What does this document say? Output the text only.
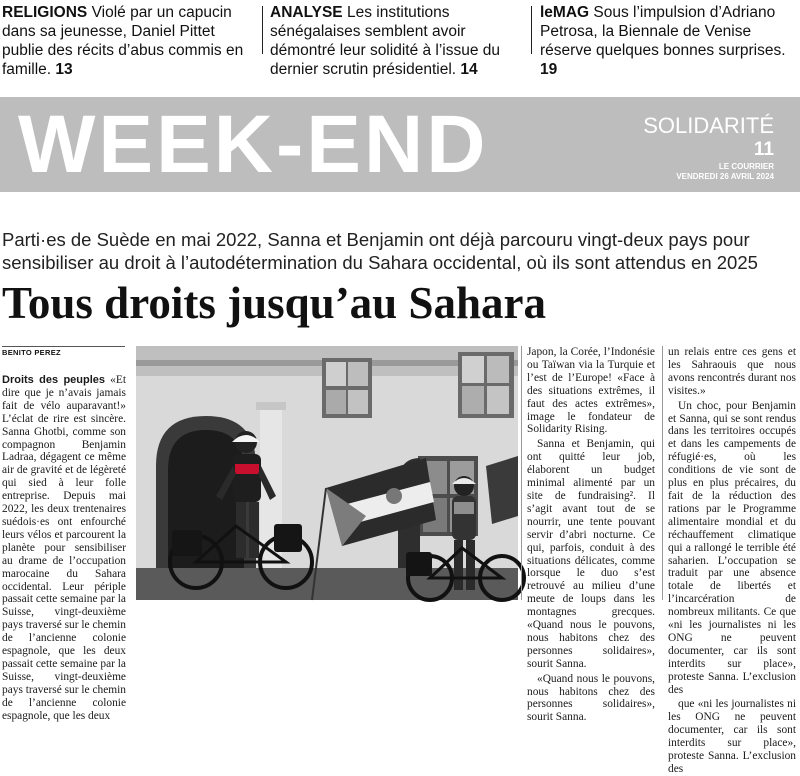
RELIGIONS Violé par un capucin dans sa jeunesse, Daniel Pittet publie des récits d’abus commis en famille. 13
ANALYSE Les institutions sénégalaises semblent avoir démontré leur solidité à l’issue du dernier scrutin présidentiel. 14
leMAG Sous l’impulsion d’Adriano Petrosa, la Biennale de Venise réserve quelques bonnes surprises. 19
WEEK-END	SOLIDARITÉ
11
LE COURRIER
VENDREDI 26 AVRIL 2024
Parti·es de Suède en mai 2022, Sanna et Benjamin ont déjà parcouru vingt-deux pays pour sensibiliser au droit à l’autodétermination du Sahara occidental, où ils sont attendus en 2025
Tous droits jusqu’au Sahara
BENITO PEREZ

Droits des peuples «Et dire que je n’avais jamais fait de vélo auparavant!» L’éclat de rire est sincère. Sanna Ghotbi, comme son compagnon Benjamin Ladraa, dégagent ce même air de gravité et de légèreté qui sied à leur folle entreprise. Depuis mai 2022, les deux trentenaires suédois·es ont enfourché leurs vélos et parcourent la planète pour sensibiliser au drame de l’occupation marocaine du Sahara occidental. Leur périple passait cette semaine par la Suisse, vingt-deuxième pays traversé sur le chemin de l’ancienne colonie espagnole, que les deux passait cette semaine par la Suisse, vingt-deuxième pays traversé sur le chemin de l’ancienne colonie espagnole, que les deux

Japon, la Corée, l’Indonésie ou Taïwan via la Turquie et l’est de l’Europe! «Face à des situations extrêmes, il faut des actes extrêmes», image le fondateur de Solidarity Rising.

Sanna et Benjamin, qui ont quitté leur job, élaborent un budget minimal alimenté par un site de fundraising². Il s’agit avant tout de se nourrir, une tente pouvant servir d’abri nocturne. Ce qui, parfois, conduit à des situations délicates, comme lorsque le duo s’est retrouvé au milieu d’une meute de loups dans les montagnes grecques. «Quand nous le pouvons, nous habitons chez des personnes solidaires», sourit Sanna.

«Quand nous le pouvons, nous habitons chez des personnes solidaires», sourit Sanna.

un relais entre ces gens et les Sahraouis que nous avons rencontrés durant nos visites.»

Un choc, pour Benjamin et Sanna, qui se sont rendus dans les territoires occupés et dans les campements de réfugié·es, où les conditions de vie sont de plus en plus précaires, du fait de la réduction des rations par le Programme alimentaire mondial et du réchauffement climatique qui a rallongé le terrible été saharien. L’occupation se traduit par une absence totale de libertés et l’incarcération de nombreux militants. Ce que «ni les journalistes ni les ONG ne peuvent documenter, car ils sont interdits sur place», proteste Sanna. L’exclusion des

que «ni les journalistes ni les ONG ne peuvent documenter, car ils sont interdits sur place», proteste Sanna. L’exclusion des
